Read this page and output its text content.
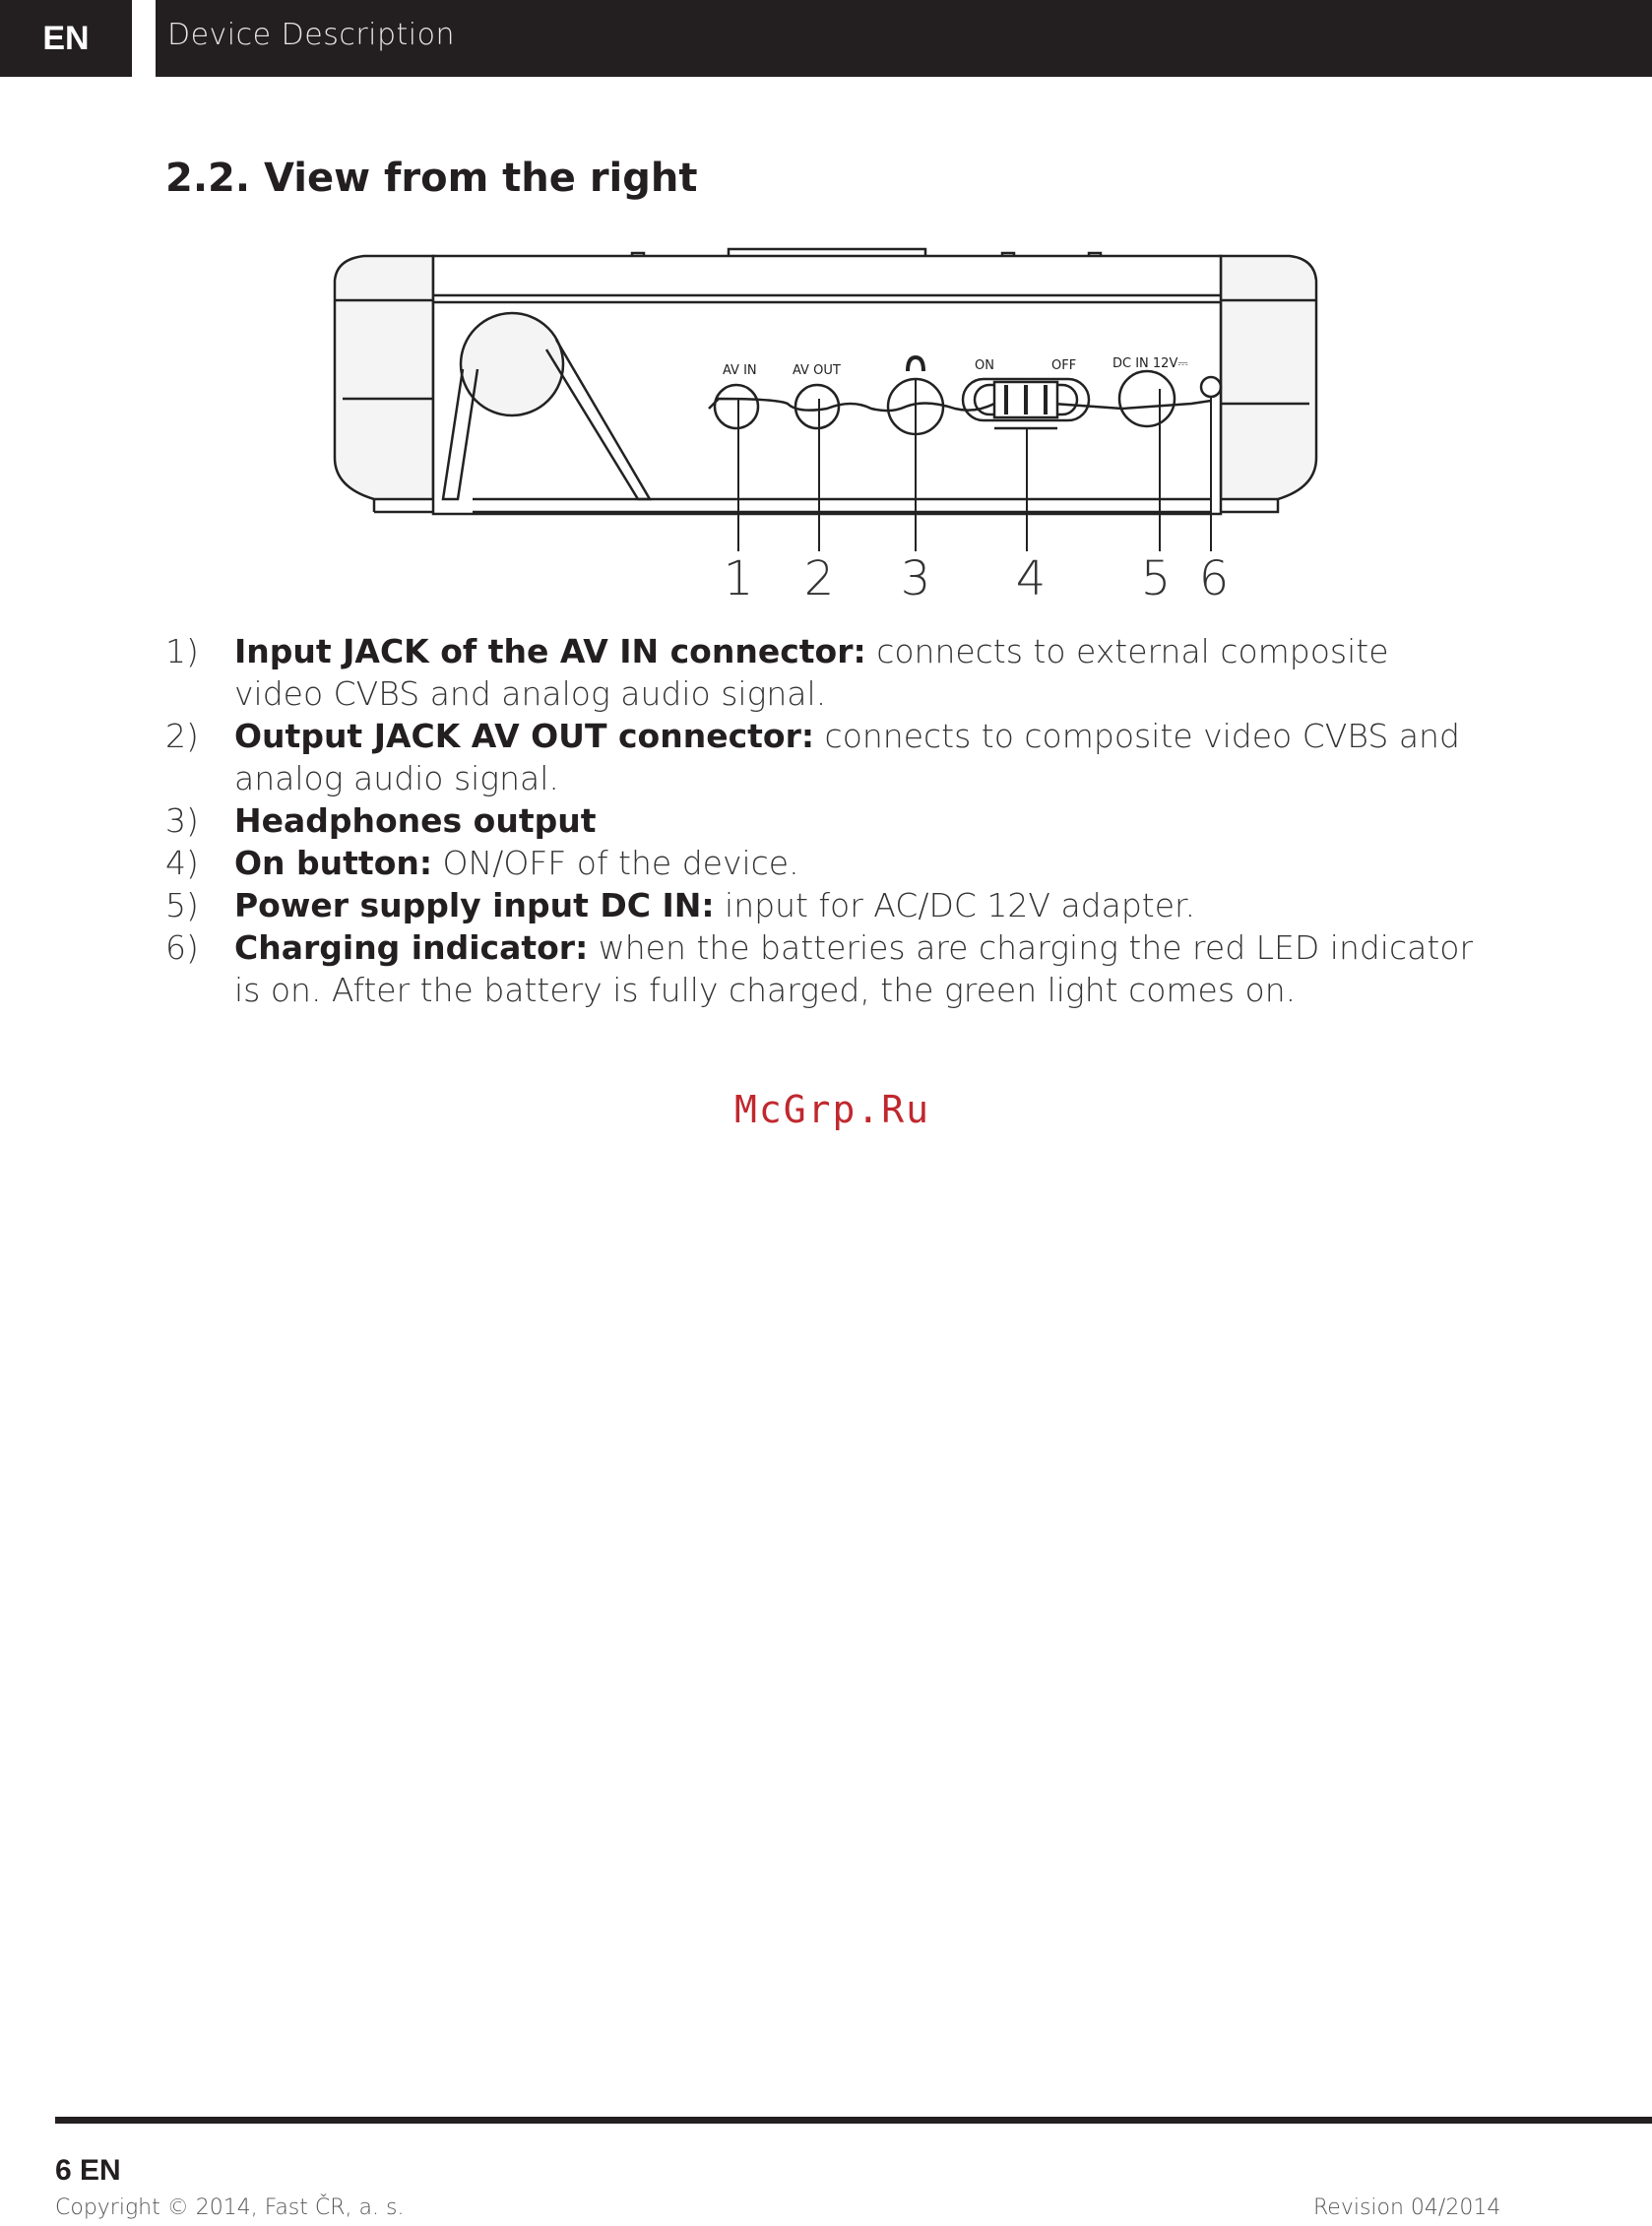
EN	Device Description
2.2. View from the right
AV IN	AV OUT	ON	OFF	DC IN 12V⎓
1 2 3 4 5 6
1) Input JACK of the AV IN connector: connects to external composite video CVBS and analog audio signal.
2) Output JACK AV OUT connector: connects to composite video CVBS and analog audio signal.
3) Headphones output
4) On button: ON/OFF of the device.
5) Power supply input DC IN: input for AC/DC 12V adapter.
6) Charging indicator: when the batteries are charging the red LED indicator is on. After the battery is fully charged, the green light comes on.
McGrp.Ru
6 EN
Copyright © 2014, Fast ČR, a. s.	Revision 04/2014
